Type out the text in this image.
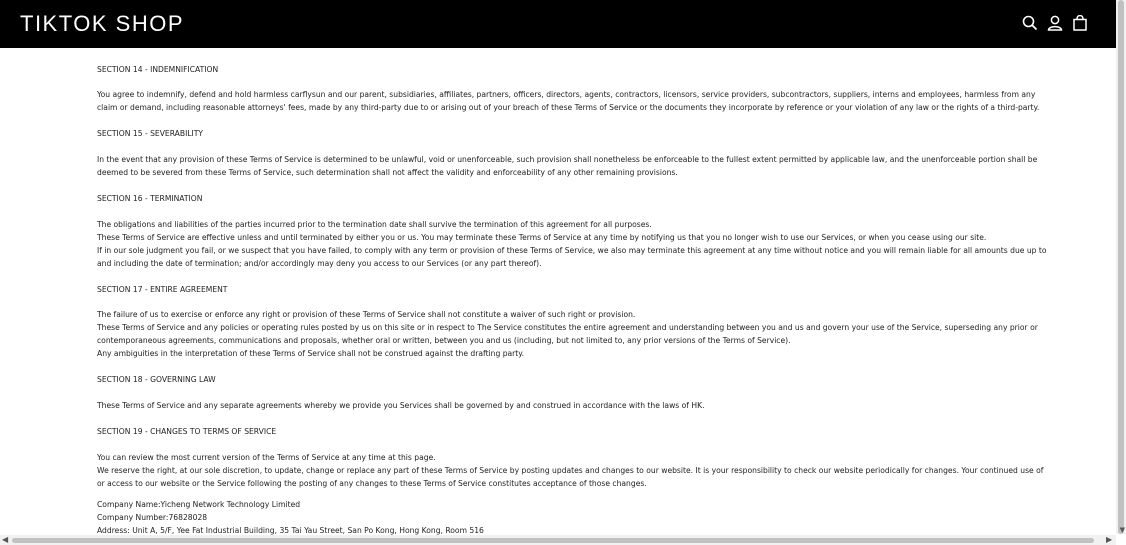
SECTION 14 - INDEMNIFICATION

You agree to indemnify, defend and hold harmless carflysun and our parent, subsidiaries, affiliates, partners, officers, directors, agents, contractors, licensors, service providers, subcontractors, suppliers, interns and employees, harmless from any

claim or demand, including reasonable attorneys' fees, made by any third-party due to or arising out of your breach of these Terms of Service or the documents they incorporate by reference or your violation of any law or the rights of a third-party.

SECTION 15 - SEVERABILITY

In the event that any provision of these Terms of Service is determined to be unlawful, void or unenforceable, such provision shall nonetheless be enforceable to the fullest extent permitted by applicable law, and the unenforceable portion shall be

deemed to be severed from these Terms of Service, such determination shall not affect the validity and enforceability of any other remaining provisions.

SECTION 16 - TERMINATION

The obligations and liabilities of the parties incurred prior to the termination date shall survive the termination of this agreement for all purposes.

These Terms of Service are effective unless and until terminated by either you or us. You may terminate these Terms of Service at any time by notifying us that you no longer wish to use our Services, or when you cease using our site.

If in our sole judgment you fail, or we suspect that you have failed, to comply with any term or provision of these Terms of Service, we also may terminate this agreement at any time without notice and you will remain liable for all amounts due up to

and including the date of termination; and/or accordingly may deny you access to our Services (or any part thereof).

SECTION 17 - ENTIRE AGREEMENT

The failure of us to exercise or enforce any right or provision of these Terms of Service shall not constitute a waiver of such right or provision.

These Terms of Service and any policies or operating rules posted by us on this site or in respect to The Service constitutes the entire agreement and understanding between you and us and govern your use of the Service, superseding any prior or

contemporaneous agreements, communications and proposals, whether oral or written, between you and us (including, but not limited to, any prior versions of the Terms of Service).

Any ambiguities in the interpretation of these Terms of Service shall not be construed against the drafting party.

SECTION 18 - GOVERNING LAW

These Terms of Service and any separate agreements whereby we provide you Services shall be governed by and construed in accordance with the laws of HK.

SECTION 19 - CHANGES TO TERMS OF SERVICE

You can review the most current version of the Terms of Service at any time at this page.

We reserve the right, at our sole discretion, to update, change or replace any part of these Terms of Service by posting updates and changes to our website. It is your responsibility to check our website periodically for changes. Your continued use of

or access to our website or the Service following the posting of any changes to these Terms of Service constitutes acceptance of those changes.

Company Name:Yicheng Network Technology Limited

Company Number:76828028

Address: Unit A, 5/F, Yee Fat Industrial Building, 35 Tai Yau Street, San Po Kong, Hong Kong, Room 516

TIKTOK SHOP
▼
◀	▶
